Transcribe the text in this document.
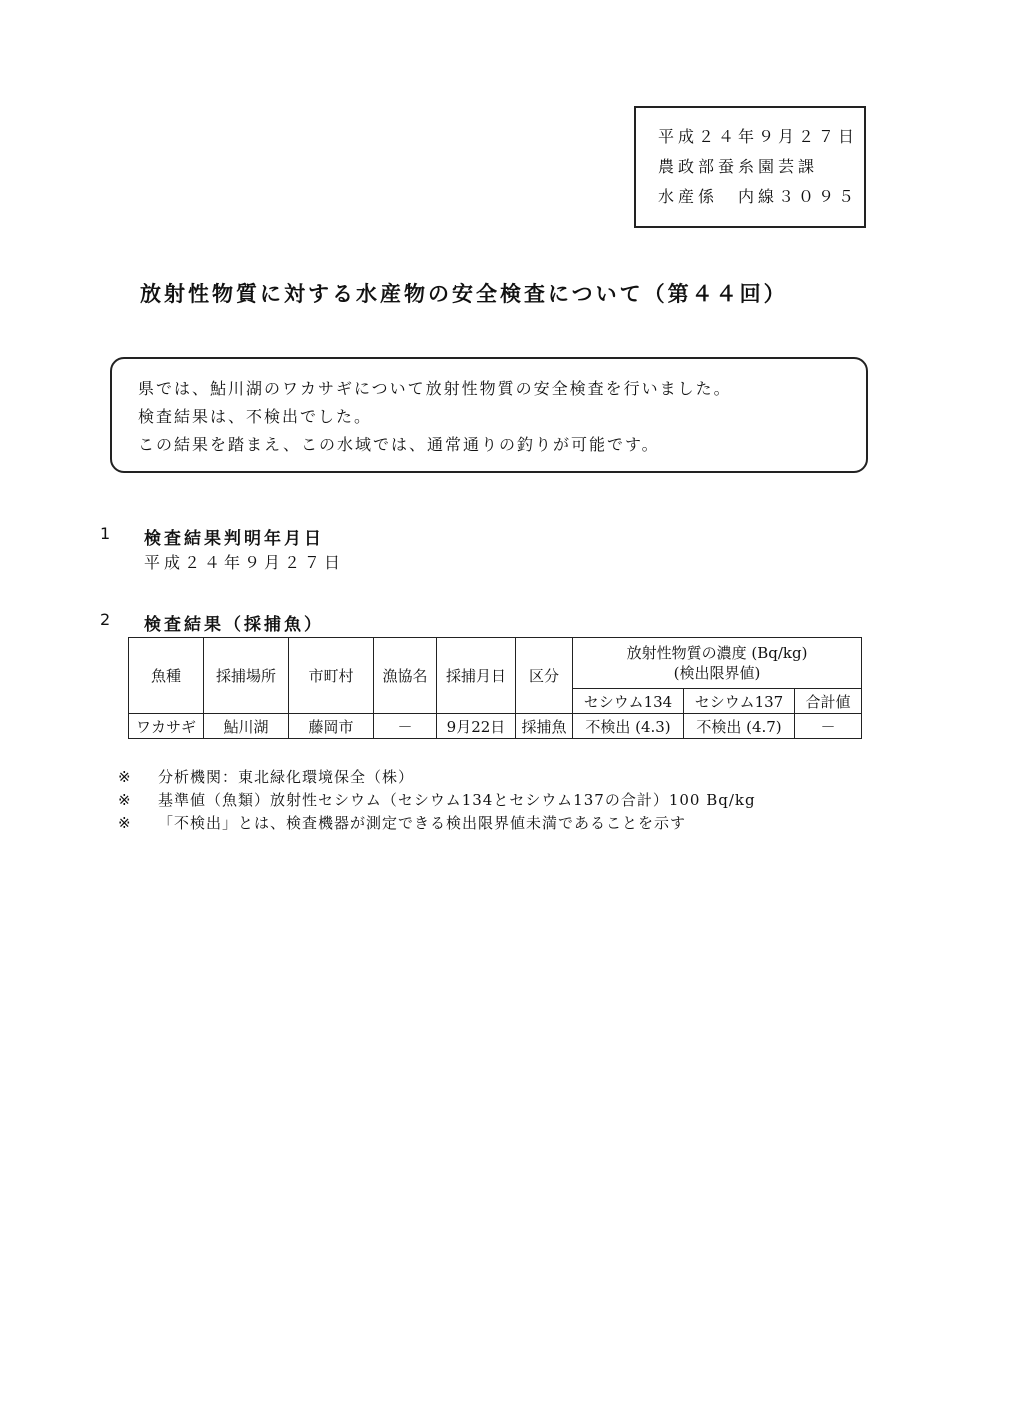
平成２４年９月２７日
農政部蚕糸園芸課
水産係　内線３０９５
放射性物質に対する水産物の安全検査について（第４４回）
県では、鮎川湖のワカサギについて放射性物質の安全検査を行いました。
検査結果は、不検出でした。
この結果を踏まえ、この水域では、通常通りの釣りが可能です。
1	検査結果判明年月日
平成２４年９月２７日
2	検査結果（採捕魚）
魚種	採捕場所	市町村	漁協名	採捕月日	区分	放射性物質の濃度 (Bq/kg)
(検出限界値)		

						セシウム134	セシウム137	合計値
ワカサギ	鮎川湖	藤岡市	－	9月22日	採捕魚	不検出 (4.3)	不検出 (4.7)	－
※ 分析機関：東北緑化環境保全（株）
※ 基準値（魚類）放射性セシウム（セシウム134とセシウム137の合計）100 Bq/kg
※ 「不検出」とは、検査機器が測定できる検出限界値未満であることを示す
